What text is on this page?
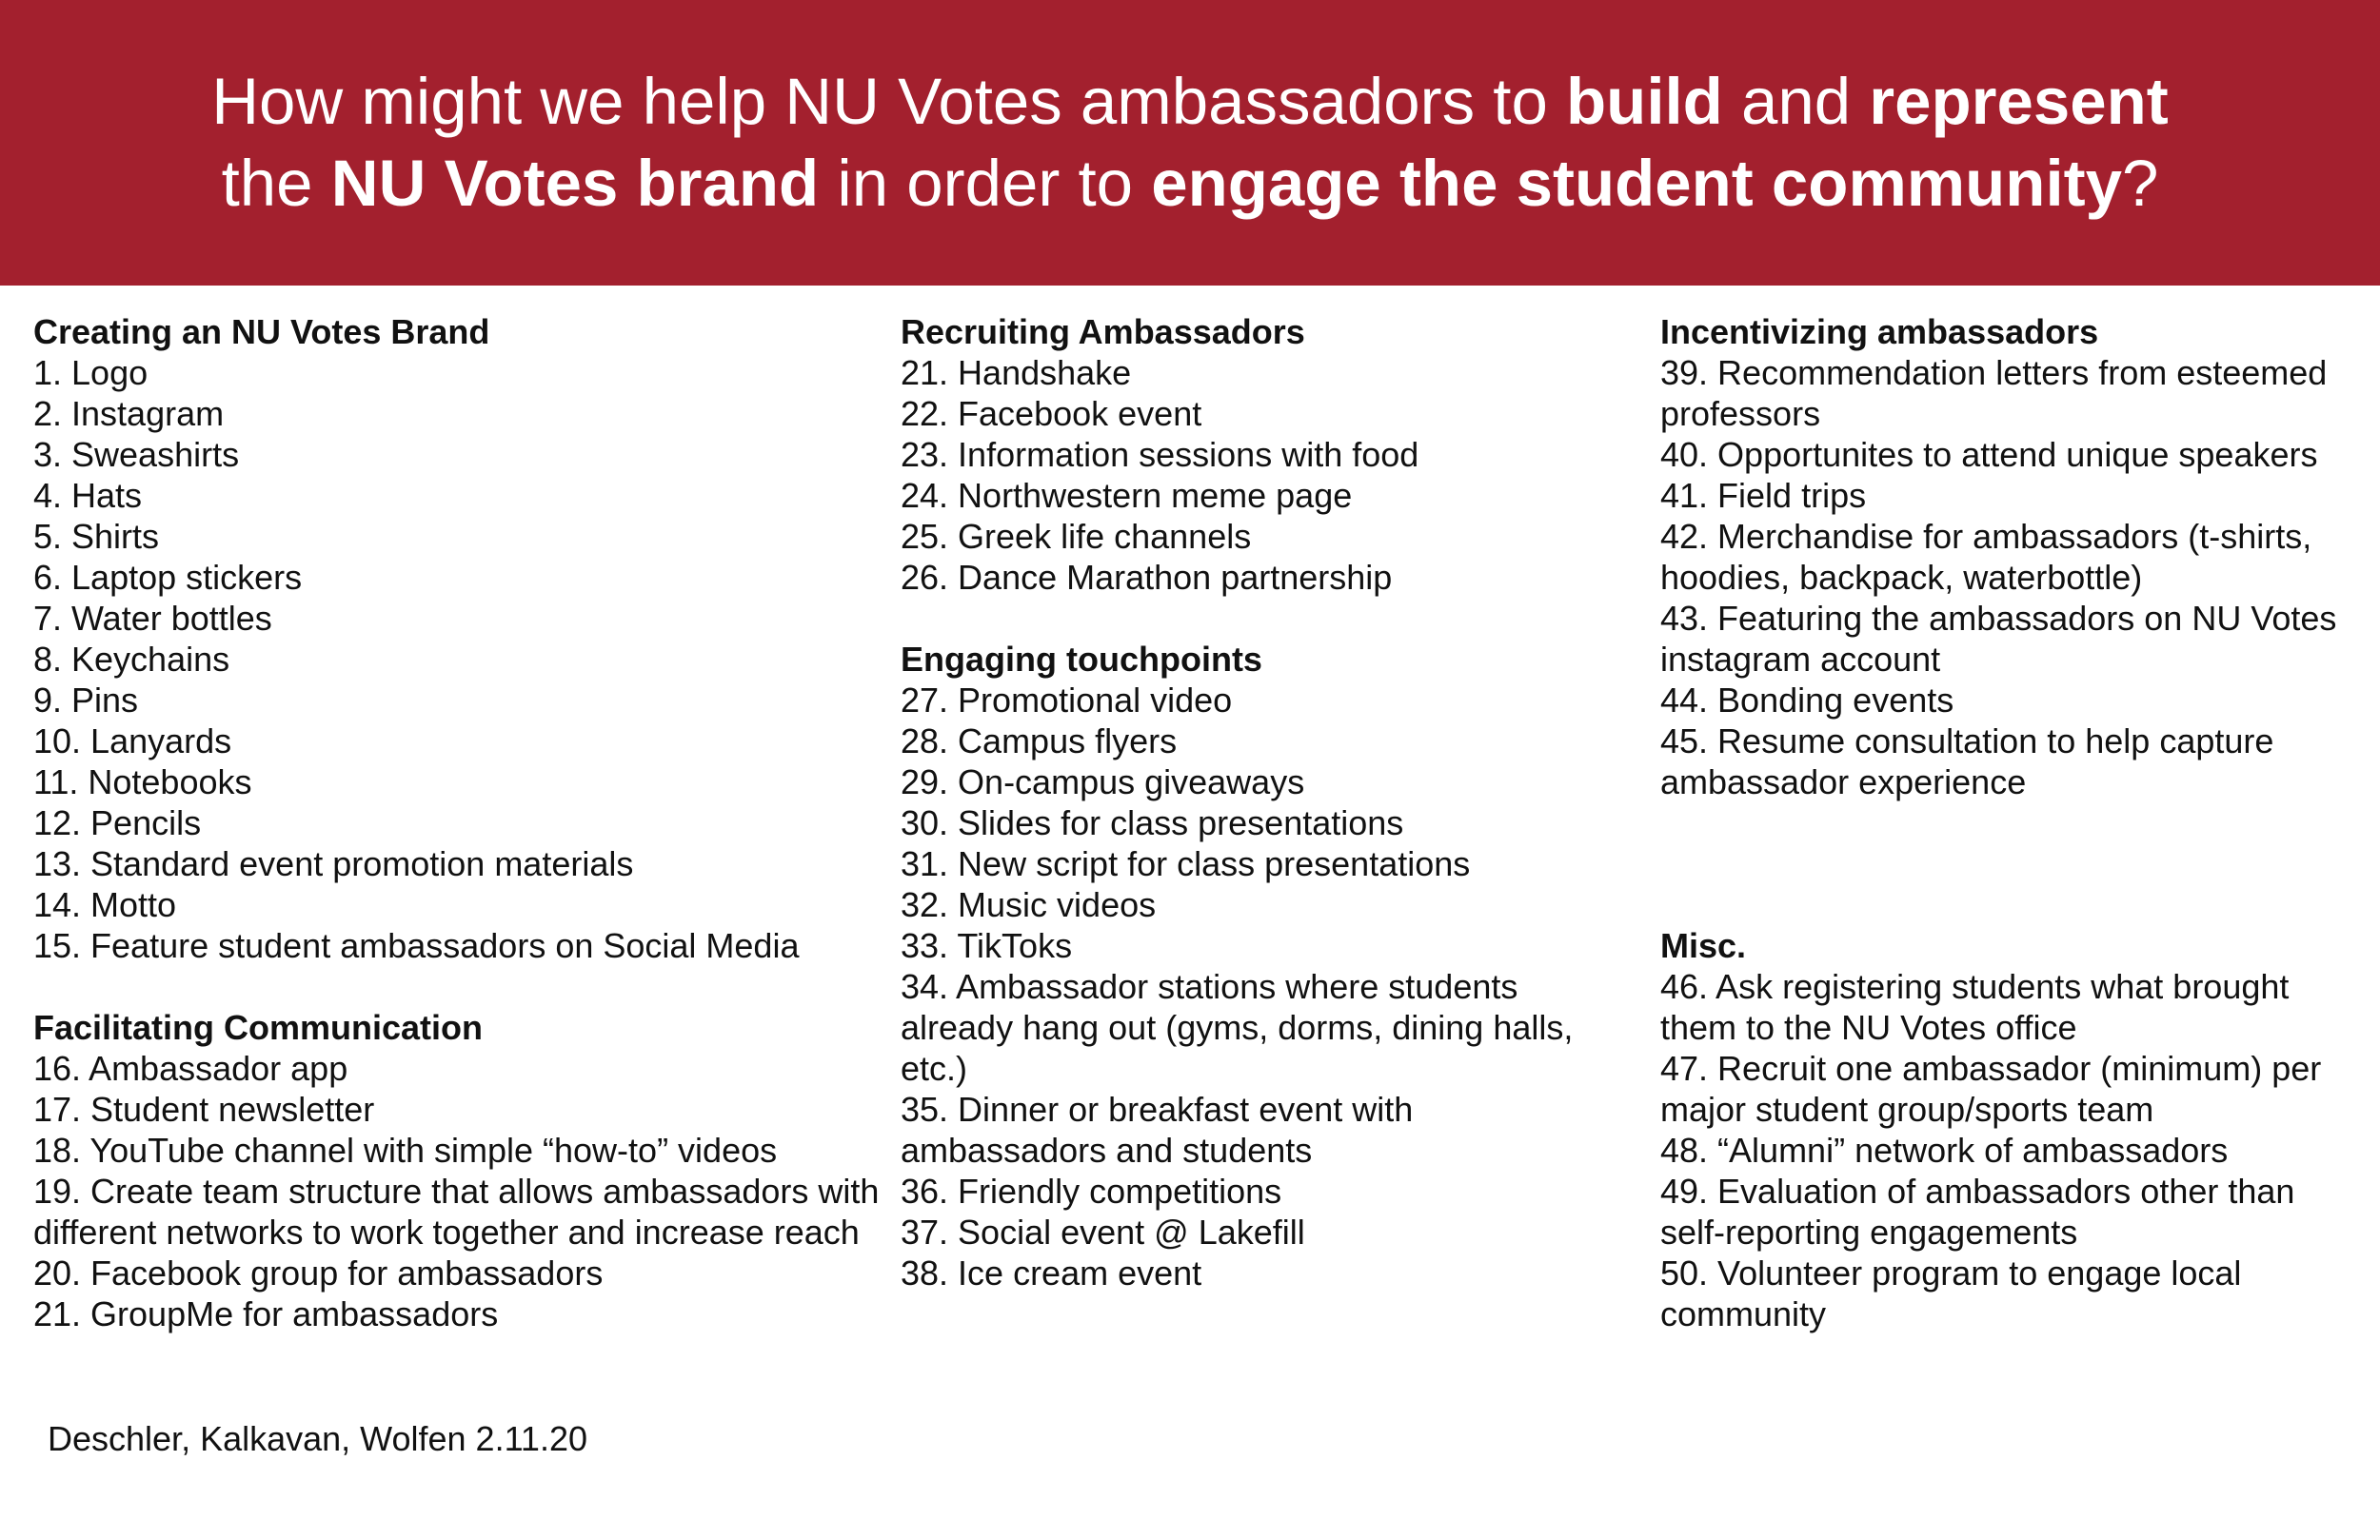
How might we help NU Votes ambassadors to build and represent
the NU Votes brand in order to engage the student community?
Creating an NU Votes Brand
1. Logo
2. Instagram
3. Sweashirts
4. Hats
5. Shirts
6. Laptop stickers
7. Water bottles
8. Keychains
9. Pins
10. Lanyards
11. Notebooks
12. Pencils
13. Standard event promotion materials
14. Motto
15. Feature student ambassadors on Social Media
Facilitating Communication
16. Ambassador app
17. Student newsletter
18. YouTube channel with simple “how-to” videos
19. Create team structure that allows ambassadors with different networks to work together and increase reach
20. Facebook group for ambassadors
21. GroupMe for ambassadors
Recruiting Ambassadors
21. Handshake
22. Facebook event
23. Information sessions with food
24. Northwestern meme page
25. Greek life channels
26. Dance Marathon partnership
Engaging touchpoints
27. Promotional video
28. Campus flyers
29. On-campus giveaways
30. Slides for class presentations
31. New script for class presentations
32. Music videos
33. TikToks
34. Ambassador stations where students already hang out (gyms, dorms, dining halls, etc.)
35. Dinner or breakfast event with ambassadors and students
36. Friendly competitions
37. Social event @ Lakefill
38. Ice cream event
Incentivizing ambassadors
39. Recommendation letters from esteemed professors
40. Opportunites to attend unique speakers
41. Field trips
42. Merchandise for ambassadors (t-shirts, hoodies, backpack, waterbottle)
43. Featuring the ambassadors on NU Votes instagram account
44. Bonding events
45. Resume consultation to help capture ambassador experience
Misc.
46. Ask registering students what brought them to the NU Votes office
47. Recruit one ambassador (minimum) per major student group/sports team
48. “Alumni” network of ambassadors
49. Evaluation of ambassadors other than self-reporting engagements
50. Volunteer program to engage local community

Deschler, Kalkavan, Wolfen 2.11.20
